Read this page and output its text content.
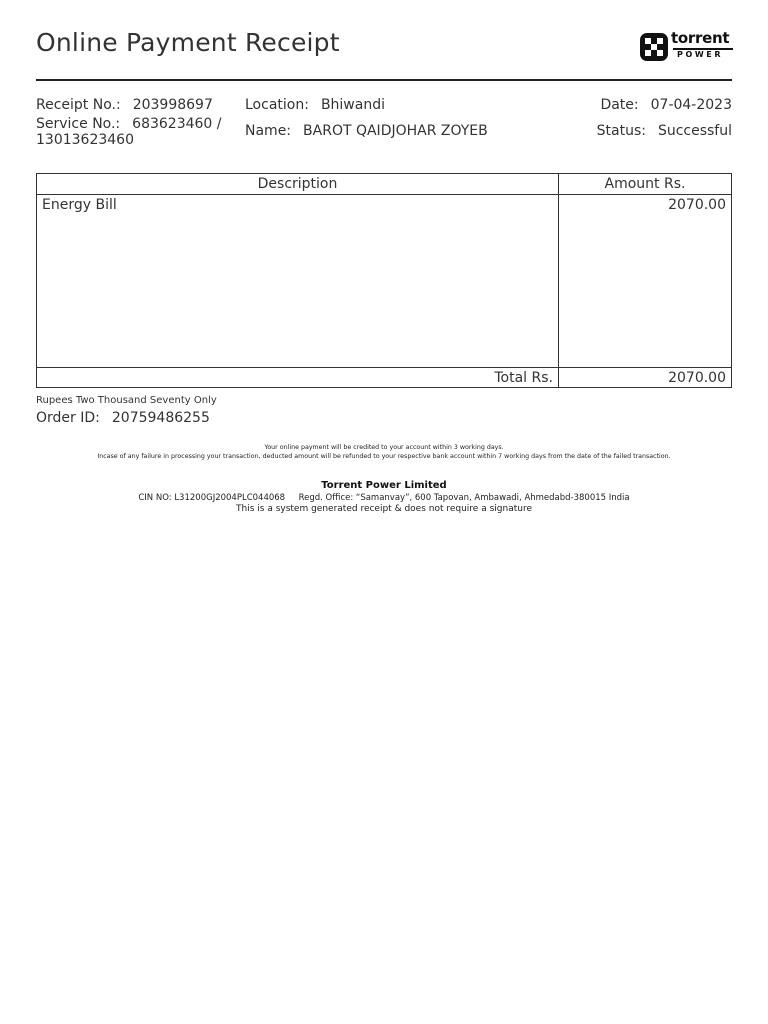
Online Payment Receipt	torrent
POWER
Receipt No.: 203998697
Service No.: 683623460 /
13013623460
Location: Bhiwandi
Name: BAROT QAIDJOHAR ZOYEB
Date: 07-04-2023
Status: Successful
Description	Amount Rs.
Energy Bill	2070.00
Total Rs.	2070.00
Rupees Two Thousand Seventy Only
Order ID: 20759486255
Your online payment will be credited to your account within 3 working days.
Incase of any failure in processing your transaction, deducted amount will be refunded to your respective bank account within 7 working days from the date of the failed transaction.
Torrent Power Limited
CIN NO: L31200GJ2004PLC044068 Regd. Office: “Samanvay”, 600 Tapovan, Ambawadi, Ahmedabd-380015 India
This is a system generated receipt & does not require a signature
